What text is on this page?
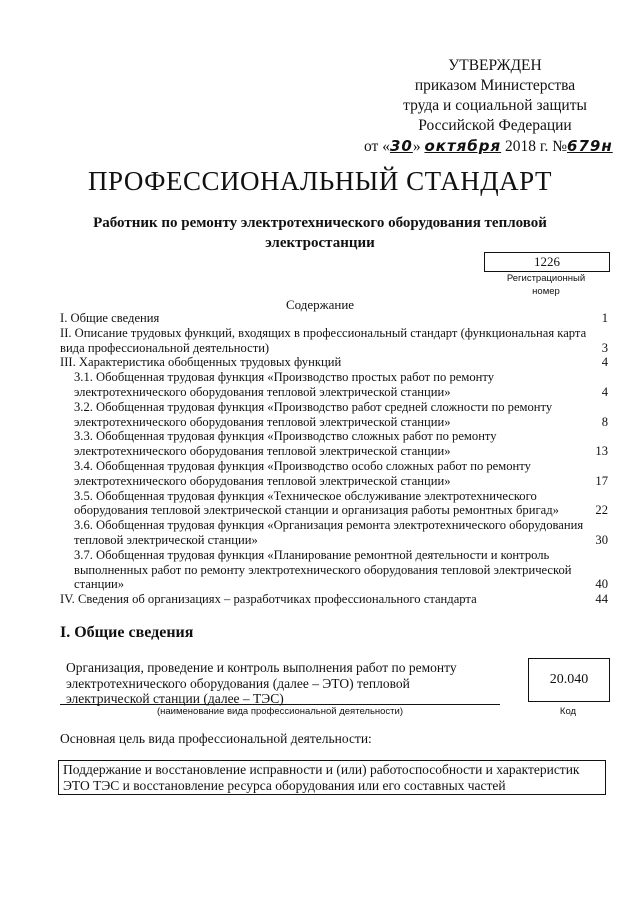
УТВЕРЖДЕН
приказом Министерства
труда и социальной защиты
Российской Федерации
от «30» октября 2018 г. №679н
ПРОФЕССИОНАЛЬНЫЙ СТАНДАРТ
Работник по ремонту электротехнического оборудования тепловой электростанции
1226
Регистрационный
номер
Содержание
I. Общие сведения .....	1
II. Описание трудовых функций, входящих в профессиональный стандарт (функциональная карта вида профессиональной деятельности) .....	3
III. Характеристика обобщенных трудовых функций .....	4
3.1. Обобщенная трудовая функция «Производство простых работ по ремонту электротехнического оборудования тепловой электрической станции» .....	4
3.2. Обобщенная трудовая функция «Производство работ средней сложности по ремонту электротехнического оборудования тепловой электрической станции» .....	8
3.3. Обобщенная трудовая функция «Производство сложных работ по ремонту электротехнического оборудования тепловой электрической станции» .....	13
3.4. Обобщенная трудовая функция «Производство особо сложных работ по ремонту электротехнического оборудования тепловой электрической станции» .....	17
3.5. Обобщенная трудовая функция «Техническое обслуживание электротехнического оборудования тепловой электрической станции и организация работы ремонтных бригад» .....	22
3.6. Обобщенная трудовая функция «Организация ремонта электротехнического оборудования тепловой электрической станции» .....	30
3.7. Обобщенная трудовая функция «Планирование ремонтной деятельности и контроль выполненных работ по ремонту электротехнического оборудования тепловой электрической станции» .....	40
IV. Сведения об организациях – разработчиках профессионального стандарта .....	44
I. Общие сведения
Организация, проведение и контроль выполнения работ по ремонту электротехнического оборудования (далее – ЭТО) тепловой электрической станции (далее – ТЭС)
(наименование вида профессиональной деятельности)
20.040
Код
Основная цель вида профессиональной деятельности:
Поддержание и восстановление исправности и (или) работоспособности и характеристик ЭТО ТЭС и восстановление ресурса оборудования или его составных частей
